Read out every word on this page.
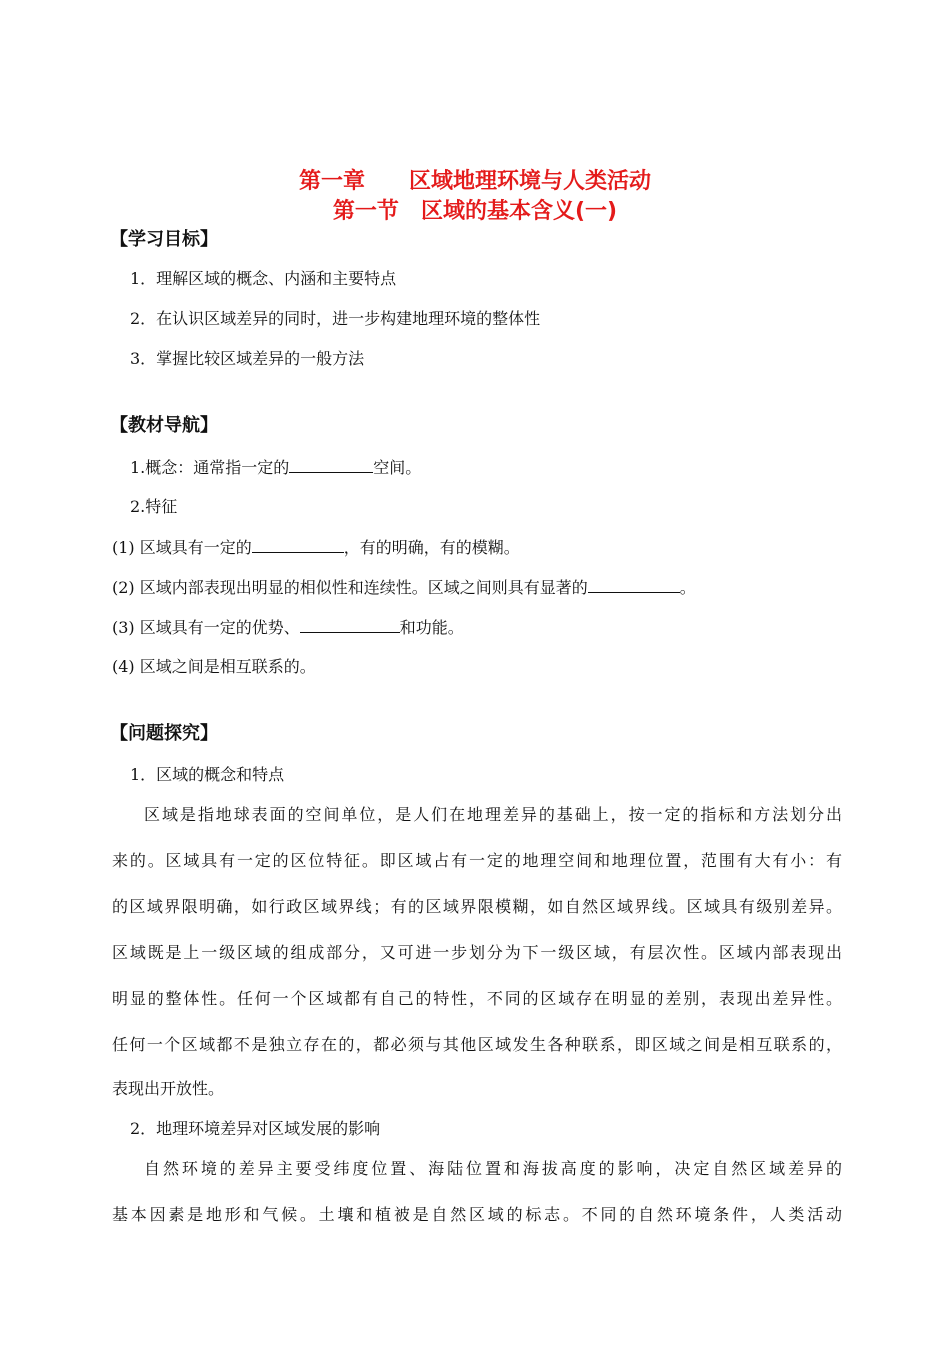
第一章 区域地理环境与人类活动
第一节 区域的基本含义(一)
【学习目标】
1．理解区域的概念、内涵和主要特点
2．在认识区域差异的同时，进一步构建地理环境的整体性
3．掌握比较区域差异的一般方法
【教材导航】
1.概念：通常指一定的	空间。
2.特征
(1) 区域具有一定的	，有的明确，有的模糊。
(2) 区域内部表现出明显的相似性和连续性。区域之间则具有显著的	。
(3) 区域具有一定的优势、	和功能。
(4) 区域之间是相互联系的。
【问题探究】
1．区域的概念和特点
区域是指地球表面的空间单位，是人们在地理差异的基础上，按一定的指标和方法划分出
来的。区域具有一定的区位特征。即区域占有一定的地理空间和地理位置，范围有大有小：有
的区域界限明确，如行政区域界线；有的区域界限模糊，如自然区域界线。区域具有级别差异。
区域既是上一级区域的组成部分，又可进一步划分为下一级区域，有层次性。区域内部表现出
明显的整体性。任何一个区域都有自己的特性，不同的区域存在明显的差别，表现出差异性。
任何一个区域都不是独立存在的，都必须与其他区域发生各种联系，即区域之间是相互联系的，
表现出开放性。
2．地理环境差异对区域发展的影响
自然环境的差异主要受纬度位置、海陆位置和海拔高度的影响，决定自然区域差异的
基本因素是地形和气候。土壤和植被是自然区域的标志。不同的自然环境条件，人类活动
